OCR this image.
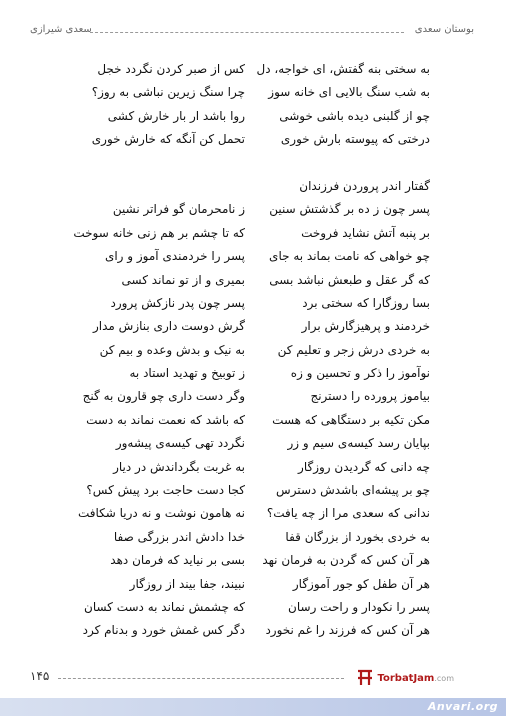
بوستان سعدی
سعدی شیرازی
به سختی بنه گفتش، ای خواجه، دل
کس از صبر کردن نگردد خجل
به شب سنگ بالایی ای خانه سوز
چرا سنگ زیرین نباشی به روز؟
چو از گلبنی دیده باشی خوشی
روا باشد ار بار خارش کشی
درختی که پیوسته بارش خوری
تحمل کن آنگه که خارش خوری
گفتار اندر پروردن فرزندان
پسر چون ز ده بر گذشتش سنین
ز نامحرمان گو فراتر نشین
بر پنبه آتش نشاید فروخت
که تا چشم بر هم زنی خانه سوخت
چو خواهی که نامت بماند به جای
پسر را خردمندی آموز و رای
که گر عقل و طبعش نباشد بسی
بمیری و از تو نماند کسی
بسا روزگارا که سختی برد
پسر چون پدر نازکش پرورد
خردمند و پرهیزگارش برار
گرش دوست داری بنازش مدار
به خردی درش زجر و تعلیم کن
به نیک و بدش وعده و بیم کن
نوآموز را ذکر و تحسین و زه
ز توبیخ و تهدید استاد به
بیاموز پرورده را دسترنج
وگر دست داری چو قارون به گنج
مکن تکیه بر دستگاهی که هست
که باشد که نعمت نماند به دست
بپایان رسد کیسه‌ی سیم و زر
نگردد تهی کیسه‌ی پیشه‌ور
چه دانی که گردیدن روزگار
به غربت بگرداندش در دیار
چو بر پیشه‌ای باشدش دسترس
کجا دست حاجت برد پیش کس؟
ندانی که سعدی مرا از چه یافت؟
نه هامون نوشت و نه دریا شکافت
به خردی بخورد از بزرگان قفا
خدا دادش اندر بزرگی صفا
هر آن کس که گردن به فرمان نهد
بسی بر نیاید که فرمان دهد
هر آن طفل کو جور آموزگار
نبیند، جفا بیند از روزگار
پسر را نکودار و راحت رسان
که چشمش نماند به دست کسان
هر آن کس که فرزند را غم نخورد
دگر کس غمش خورد و بدنام کرد
۱۴۵	TorbatJam.com
Anvari.org
